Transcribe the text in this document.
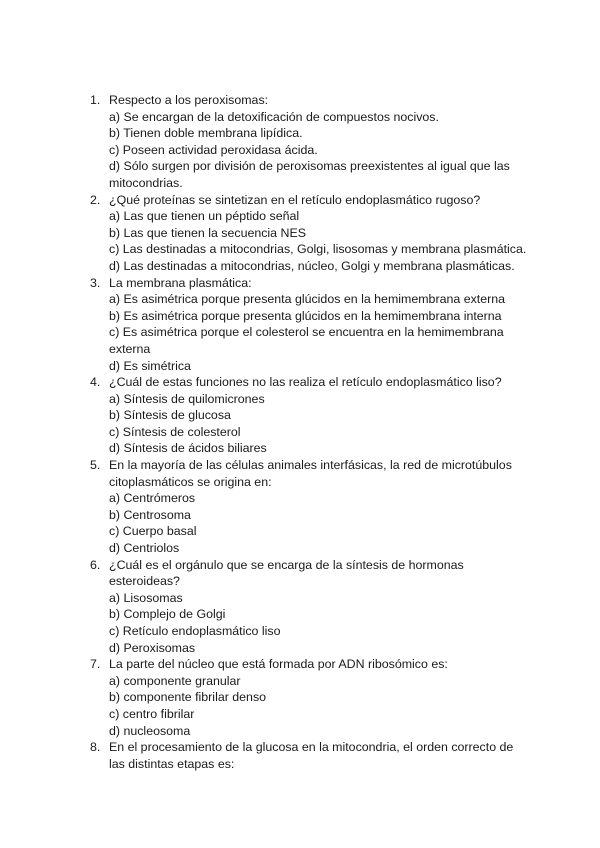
1. Respecto a los peroxisomas:
a) Se encargan de la detoxificación de compuestos nocivos.
b) Tienen doble membrana lipídica.
c) Poseen actividad peroxidasa ácida.
d) Sólo surgen por división de peroxisomas preexistentes al igual que las mitocondrias.
2. ¿Qué proteínas se sintetizan en el retículo endoplasmático rugoso?
a) Las que tienen un péptido señal
b) Las que tienen la secuencia NES
c) Las destinadas a mitocondrias, Golgi, lisosomas y membrana plasmática.
d) Las destinadas a mitocondrias, núcleo, Golgi y membrana plasmáticas.
3. La membrana plasmática:
a) Es asimétrica porque presenta glúcidos en la hemimembrana externa
b) Es asimétrica porque presenta glúcidos en la hemimembrana interna
c) Es asimétrica porque el colesterol se encuentra en la hemimembrana externa
d) Es simétrica
4. ¿Cuál de estas funciones no las realiza el retículo endoplasmático liso?
a) Síntesis de quilomicrones
b) Síntesis de glucosa
c) Síntesis de colesterol
d) Síntesis de ácidos biliares
5. En la mayoría de las células animales interfásicas, la red de microtúbulos citoplasmáticos se origina en:
a) Centrómeros
b) Centrosoma
c) Cuerpo basal
d) Centriolos
6. ¿Cuál es el orgánulo que se encarga de la síntesis de hormonas esteroideas?
a) Lisosomas
b) Complejo de Golgi
c) Retículo endoplasmático liso
d) Peroxisomas
7. La parte del núcleo que está formada por ADN ribosómico es:
a) componente granular
b) componente fibrilar denso
c) centro fibrilar
d) nucleosoma
8. En el procesamiento de la glucosa en la mitocondria, el orden correcto de las distintas etapas es:
